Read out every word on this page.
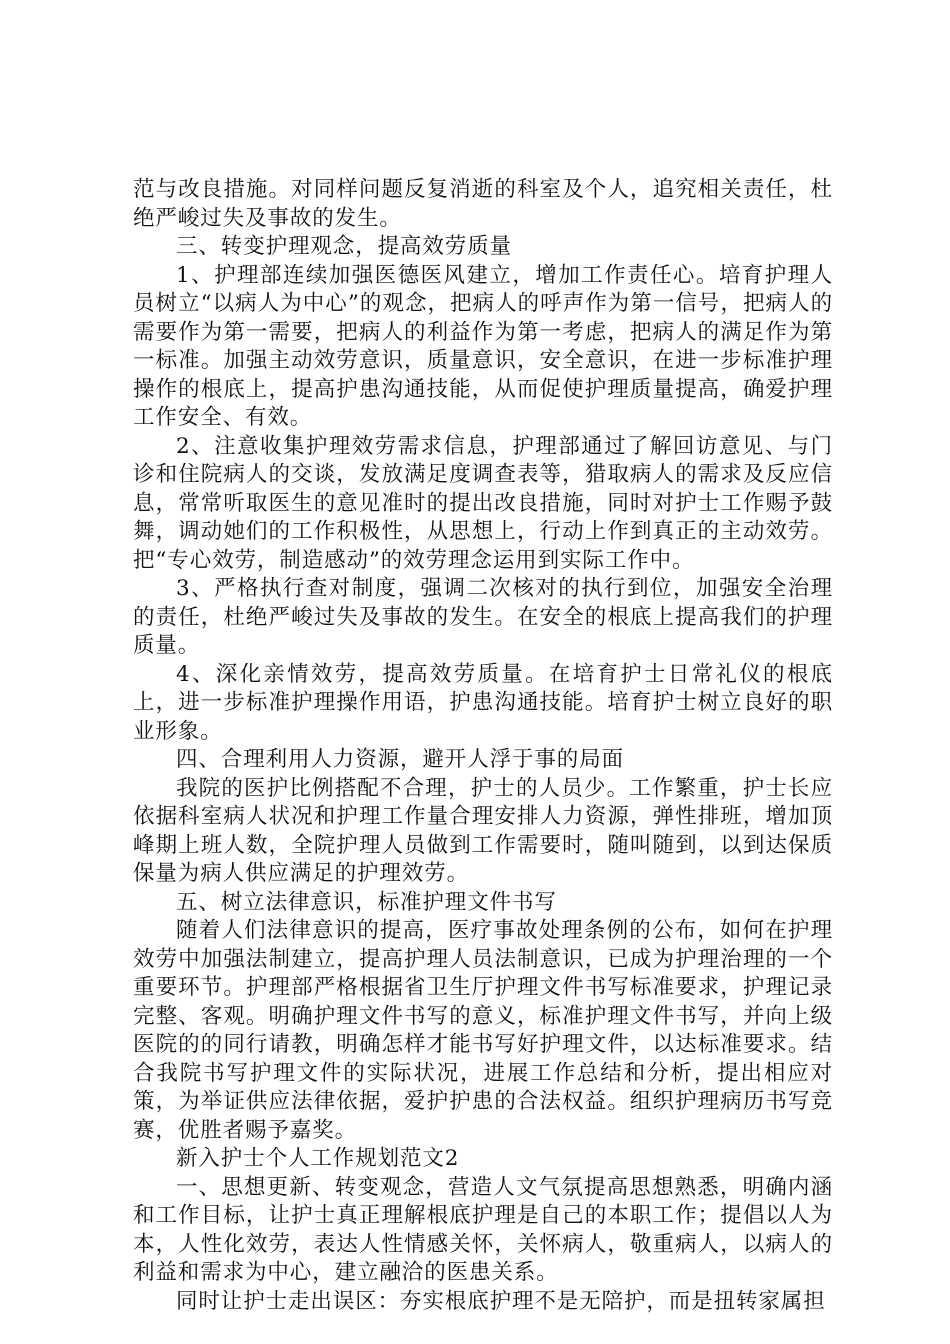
范与改良措施。对同样问题反复消逝的科室及个人，追究相关责任，杜绝严峻过失及事故的发生。

三、转变护理观念，提高效劳质量

1、护理部连续加强医德医风建立，增加工作责任心。培育护理人员树立“以病人为中心”的观念，把病人的呼声作为第一信号，把病人的需要作为第一需要，把病人的利益作为第一考虑，把病人的满足作为第一标准。加强主动效劳意识，质量意识，安全意识，在进一步标准护理操作的根底上，提高护患沟通技能，从而促使护理质量提高，确爱护理工作安全、有效。

2、注意收集护理效劳需求信息，护理部通过了解回访意见、与门诊和住院病人的交谈，发放满足度调查表等，猎取病人的需求及反应信息，常常听取医生的意见准时的提出改良措施，同时对护士工作赐予鼓舞，调动她们的工作积极性，从思想上，行动上作到真正的主动效劳。把“专心效劳，制造感动”的效劳理念运用到实际工作中。

3、严格执行查对制度，强调二次核对的执行到位，加强安全治理的责任，杜绝严峻过失及事故的发生。在安全的根底上提高我们的护理质量。

4、深化亲情效劳，提高效劳质量。在培育护士日常礼仪的根底上，进一步标准护理操作用语，护患沟通技能。培育护士树立良好的职业形象。

四、合理利用人力资源，避开人浮于事的局面

我院的医护比例搭配不合理，护士的人员少。工作繁重，护士长应依据科室病人状况和护理工作量合理安排人力资源，弹性排班，增加顶峰期上班人数，全院护理人员做到工作需要时，随叫随到，以到达保质保量为病人供应满足的护理效劳。

五、树立法律意识，标准护理文件书写

随着人们法律意识的提高，医疗事故处理条例的公布，如何在护理效劳中加强法制建立，提高护理人员法制意识，已成为护理治理的一个重要环节。护理部严格根据省卫生厅护理文件书写标准要求，护理记录完整、客观。明确护理文件书写的意义，标准护理文件书写，并向上级医院的的同行请教，明确怎样才能书写好护理文件，以达标准要求。结合我院书写护理文件的实际状况，进展工作总结和分析，提出相应对策，为举证供应法律依据，爱护护患的合法权益。组织护理病历书写竞赛，优胜者赐予嘉奖。

新入护士个人工作规划范文2

一、思想更新、转变观念，营造人文气氛提高思想熟悉，明确内涵和工作目标，让护士真正理解根底护理是自己的本职工作；提倡以人为本，人性化效劳，表达人性情感关怀，关怀病人，敬重病人，以病人的利益和需求为中心，建立融洽的医患关系。

同时让护士走出误区：夯实根底护理不是无陪护，而是扭转家属担
